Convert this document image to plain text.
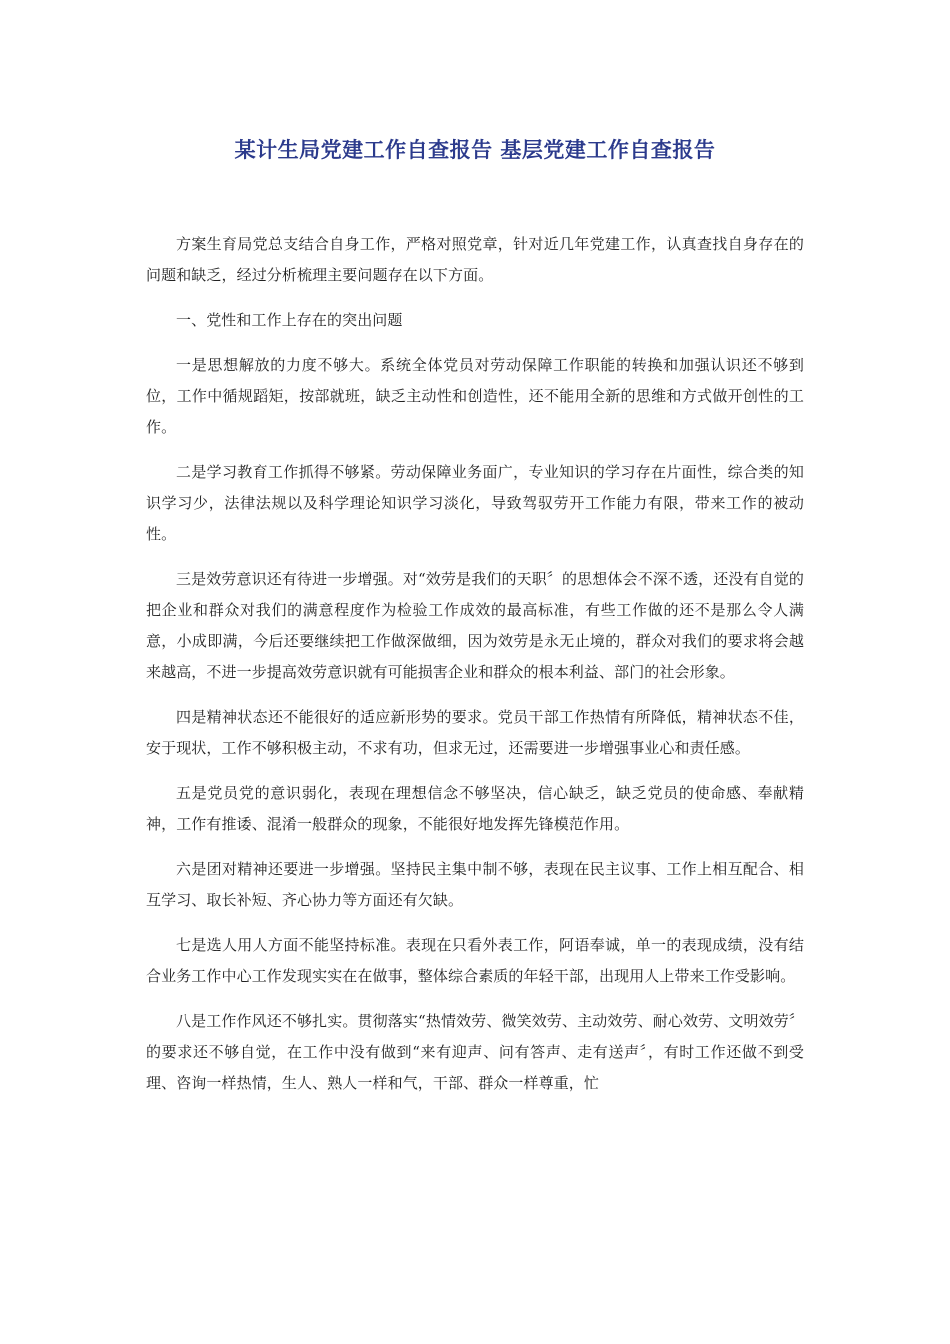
某计生局党建工作自查报告 基层党建工作自查报告

方案生育局党总支结合自身工作，严格对照党章，针对近几年党建工作，认真查找自身存在的问题和缺乏，经过分析梳理主要问题存在以下方面。

一、党性和工作上存在的突出问题

一是思想解放的力度不够大。系统全体党员对劳动保障工作职能的转换和加强认识还不够到位，工作中循规蹈矩，按部就班，缺乏主动性和创造性，还不能用全新的思维和方式做开创性的工作。

二是学习教育工作抓得不够紧。劳动保障业务面广，专业知识的学习存在片面性，综合类的知识学习少，法律法规以及科学理论知识学习淡化，导致驾驭劳开工作能力有限，带来工作的被动性。

三是效劳意识还有待进一步增强。对“效劳是我们的天职〞的思想体会不深不透，还没有自觉的把企业和群众对我们的满意程度作为检验工作成效的最高标准，有些工作做的还不是那么令人满意，小成即满，今后还要继续把工作做深做细，因为效劳是永无止境的，群众对我们的要求将会越来越高，不进一步提高效劳意识就有可能损害企业和群众的根本利益、部门的社会形象。

四是精神状态还不能很好的适应新形势的要求。党员干部工作热情有所降低，精神状态不佳，安于现状，工作不够积极主动，不求有功，但求无过，还需要进一步增强事业心和责任感。

五是党员党的意识弱化，表现在理想信念不够坚决，信心缺乏，缺乏党员的使命感、奉献精神，工作有推诿、混淆一般群众的现象，不能很好地发挥先锋模范作用。

六是团对精神还要进一步增强。坚持民主集中制不够，表现在民主议事、工作上相互配合、相互学习、取长补短、齐心协力等方面还有欠缺。

七是选人用人方面不能坚持标准。表现在只看外表工作，阿语奉诚，单一的表现成绩，没有结合业务工作中心工作发现实实在在做事，整体综合素质的年轻干部，出现用人上带来工作受影响。

八是工作作风还不够扎实。贯彻落实“热情效劳、微笑效劳、主动效劳、耐心效劳、文明效劳〞的要求还不够自觉，在工作中没有做到“来有迎声、问有答声、走有送声〞，有时工作还做不到受理、咨询一样热情，生人、熟人一样和气，干部、群众一样尊重，忙
